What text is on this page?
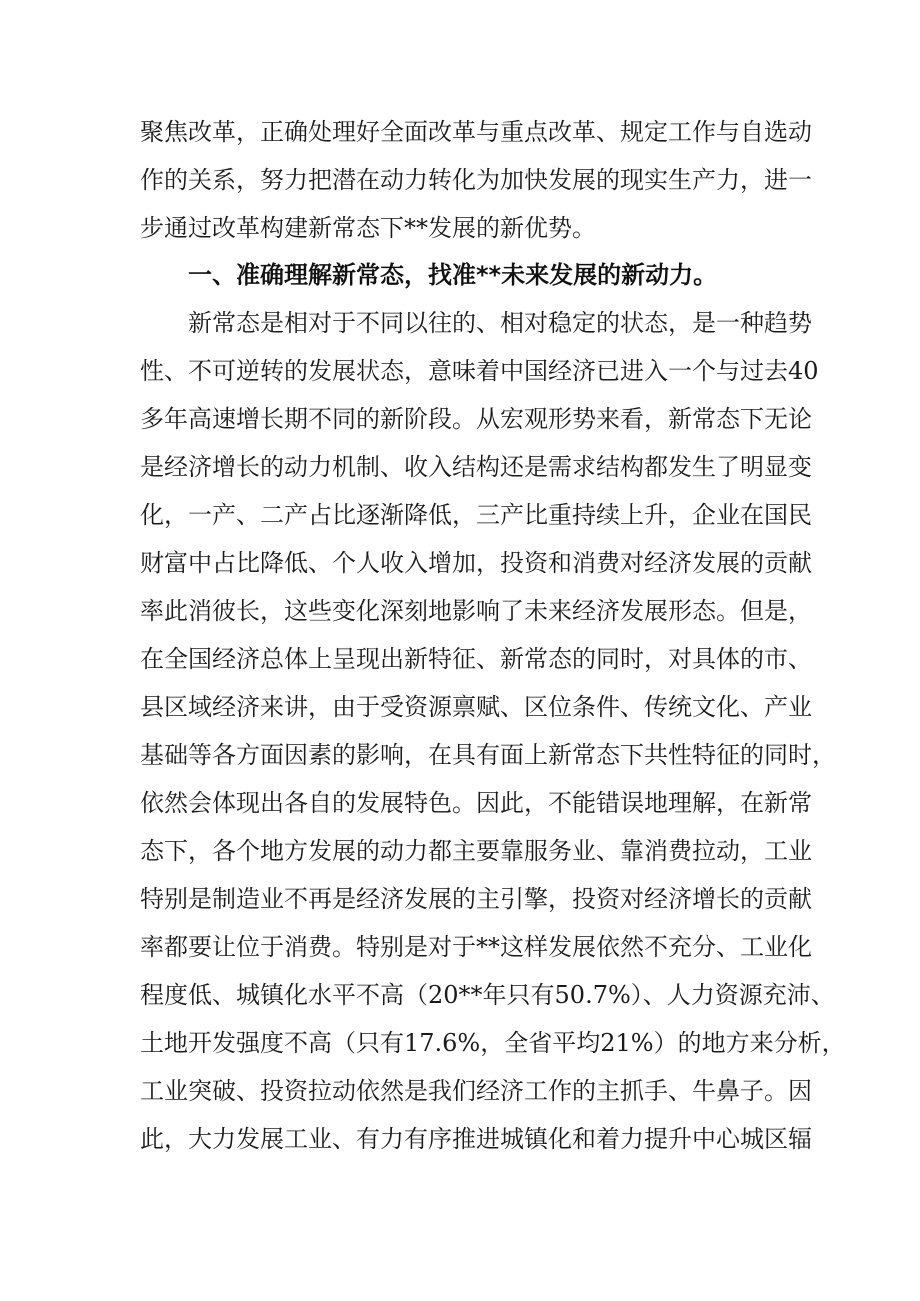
聚焦改革，正确处理好全面改革与重点改革、规定工作与自选动
作的关系，努力把潜在动力转化为加快发展的现实生产力，进一
步通过改革构建新常态下**发展的新优势。
一、准确理解新常态，找准**未来发展的新动力。
新常态是相对于不同以往的、相对稳定的状态，是一种趋势
性、不可逆转的发展状态，意味着中国经济已进入一个与过去40
多年高速增长期不同的新阶段。从宏观形势来看，新常态下无论
是经济增长的动力机制、收入结构还是需求结构都发生了明显变
化，一产、二产占比逐渐降低，三产比重持续上升，企业在国民
财富中占比降低、个人收入增加，投资和消费对经济发展的贡献
率此消彼长，这些变化深刻地影响了未来经济发展形态。但是，
在全国经济总体上呈现出新特征、新常态的同时，对具体的市、
县区域经济来讲，由于受资源禀赋、区位条件、传统文化、产业
基础等各方面因素的影响，在具有面上新常态下共性特征的同时，
依然会体现出各自的发展特色。因此，不能错误地理解，在新常
态下，各个地方发展的动力都主要靠服务业、靠消费拉动，工业
特别是制造业不再是经济发展的主引擎，投资对经济增长的贡献
率都要让位于消费。特别是对于**这样发展依然不充分、工业化
程度低、城镇化水平不高（20**年只有50.7%）、人力资源充沛、
土地开发强度不高（只有17.6%，全省平均21%）的地方来分析，
工业突破、投资拉动依然是我们经济工作的主抓手、牛鼻子。因
此，大力发展工业、有力有序推进城镇化和着力提升中心城区辐
